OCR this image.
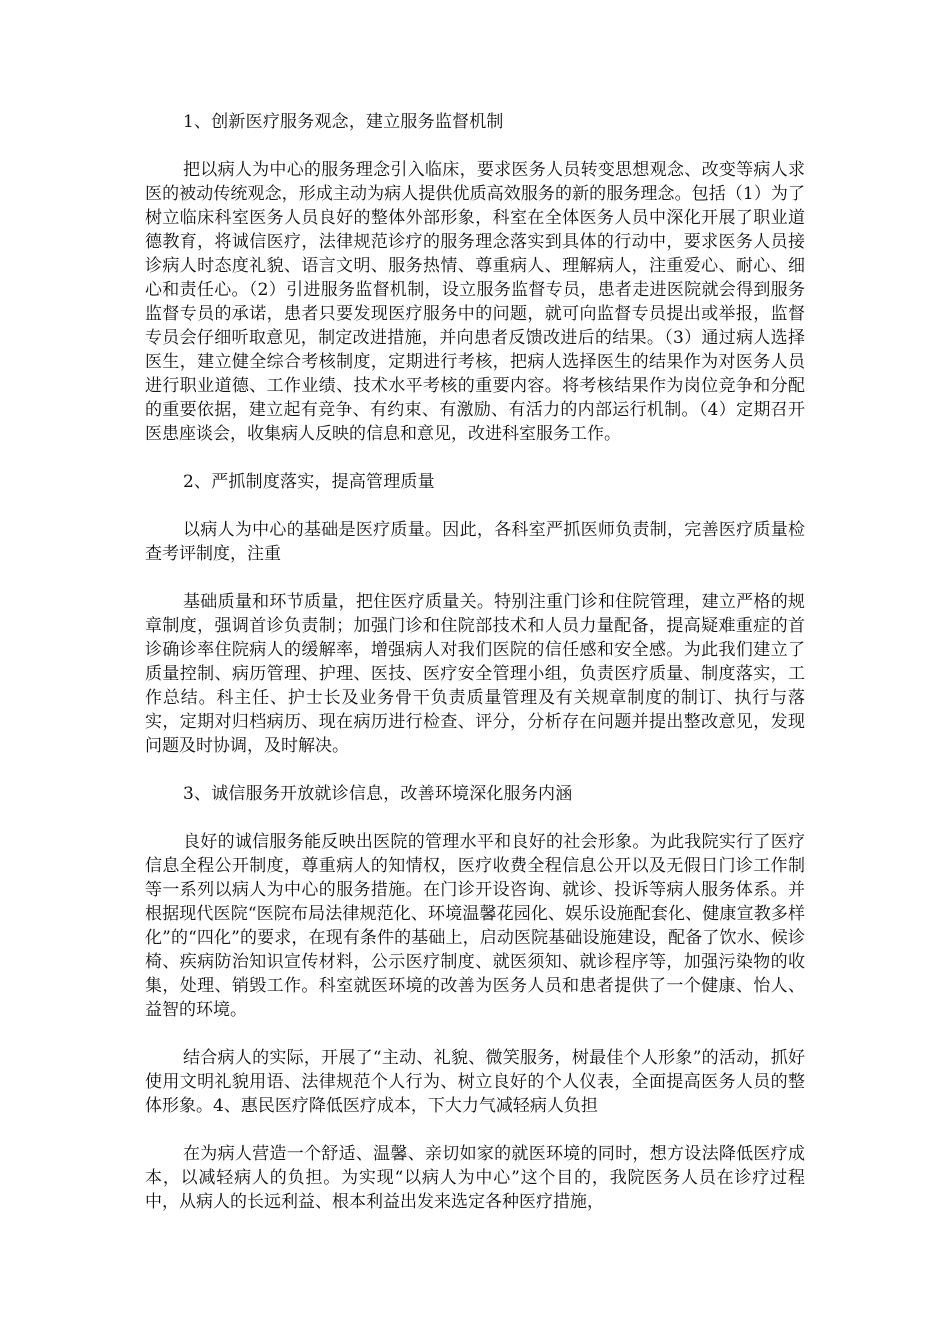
1、创新医疗服务观念，建立服务监督机制

把以病人为中心的服务理念引入临床，要求医务人员转变思想观念、改变等病人求医的被动传统观念，形成主动为病人提供优质高效服务的新的服务理念。包括（1）为了树立临床科室医务人员良好的整体外部形象，科室在全体医务人员中深化开展了职业道德教育，将诚信医疗，法律规范诊疗的服务理念落实到具体的行动中，要求医务人员接诊病人时态度礼貌、语言文明、服务热情、尊重病人、理解病人，注重爱心、耐心、细心和责任心。（2）引进服务监督机制，设立服务监督专员，患者走进医院就会得到服务监督专员的承诺，患者只要发现医疗服务中的问题，就可向监督专员提出或举报，监督专员会仔细听取意见，制定改进措施，并向患者反馈改进后的结果。（3）通过病人选择医生，建立健全综合考核制度，定期进行考核，把病人选择医生的结果作为对医务人员进行职业道德、工作业绩、技术水平考核的重要内容。将考核结果作为岗位竞争和分配的重要依据，建立起有竞争、有约束、有激励、有活力的内部运行机制。（4）定期召开医患座谈会，收集病人反映的信息和意见，改进科室服务工作。

2、严抓制度落实，提高管理质量

以病人为中心的基础是医疗质量。因此，各科室严抓医师负责制，完善医疗质量检查考评制度，注重

基础质量和环节质量，把住医疗质量关。特别注重门诊和住院管理，建立严格的规章制度，强调首诊负责制；加强门诊和住院部技术和人员力量配备，提高疑难重症的首诊确诊率住院病人的缓解率，增强病人对我们医院的信任感和安全感。为此我们建立了质量控制、病历管理、护理、医技、医疗安全管理小组，负责医疗质量、制度落实，工作总结。科主任、护士长及业务骨干负责质量管理及有关规章制度的制订、执行与落实，定期对归档病历、现在病历进行检查、评分，分析存在问题并提出整改意见，发现问题及时协调，及时解决。

3、诚信服务开放就诊信息，改善环境深化服务内涵

良好的诚信服务能反映出医院的管理水平和良好的社会形象。为此我院实行了医疗信息全程公开制度，尊重病人的知情权，医疗收费全程信息公开以及无假日门诊工作制等一系列以病人为中心的服务措施。在门诊开设咨询、就诊、投诉等病人服务体系。并根据现代医院“医院布局法律规范化、环境温馨花园化、娱乐设施配套化、健康宣教多样化”的“四化”的要求，在现有条件的基础上，启动医院基础设施建设，配备了饮水、候诊椅、疾病防治知识宣传材料，公示医疗制度、就医须知、就诊程序等，加强污染物的收集，处理、销毁工作。科室就医环境的改善为医务人员和患者提供了一个健康、怡人、益智的环境。

结合病人的实际，开展了“主动、礼貌、微笑服务，树最佳个人形象”的活动，抓好使用文明礼貌用语、法律规范个人行为、树立良好的个人仪表，全面提高医务人员的整体形象。4、惠民医疗降低医疗成本，下大力气减轻病人负担

在为病人营造一个舒适、温馨、亲切如家的就医环境的同时，想方设法降低医疗成本，以减轻病人的负担。为实现“以病人为中心”这个目的，我院医务人员在诊疗过程中，从病人的长远利益、根本利益出发来选定各种医疗措施，
